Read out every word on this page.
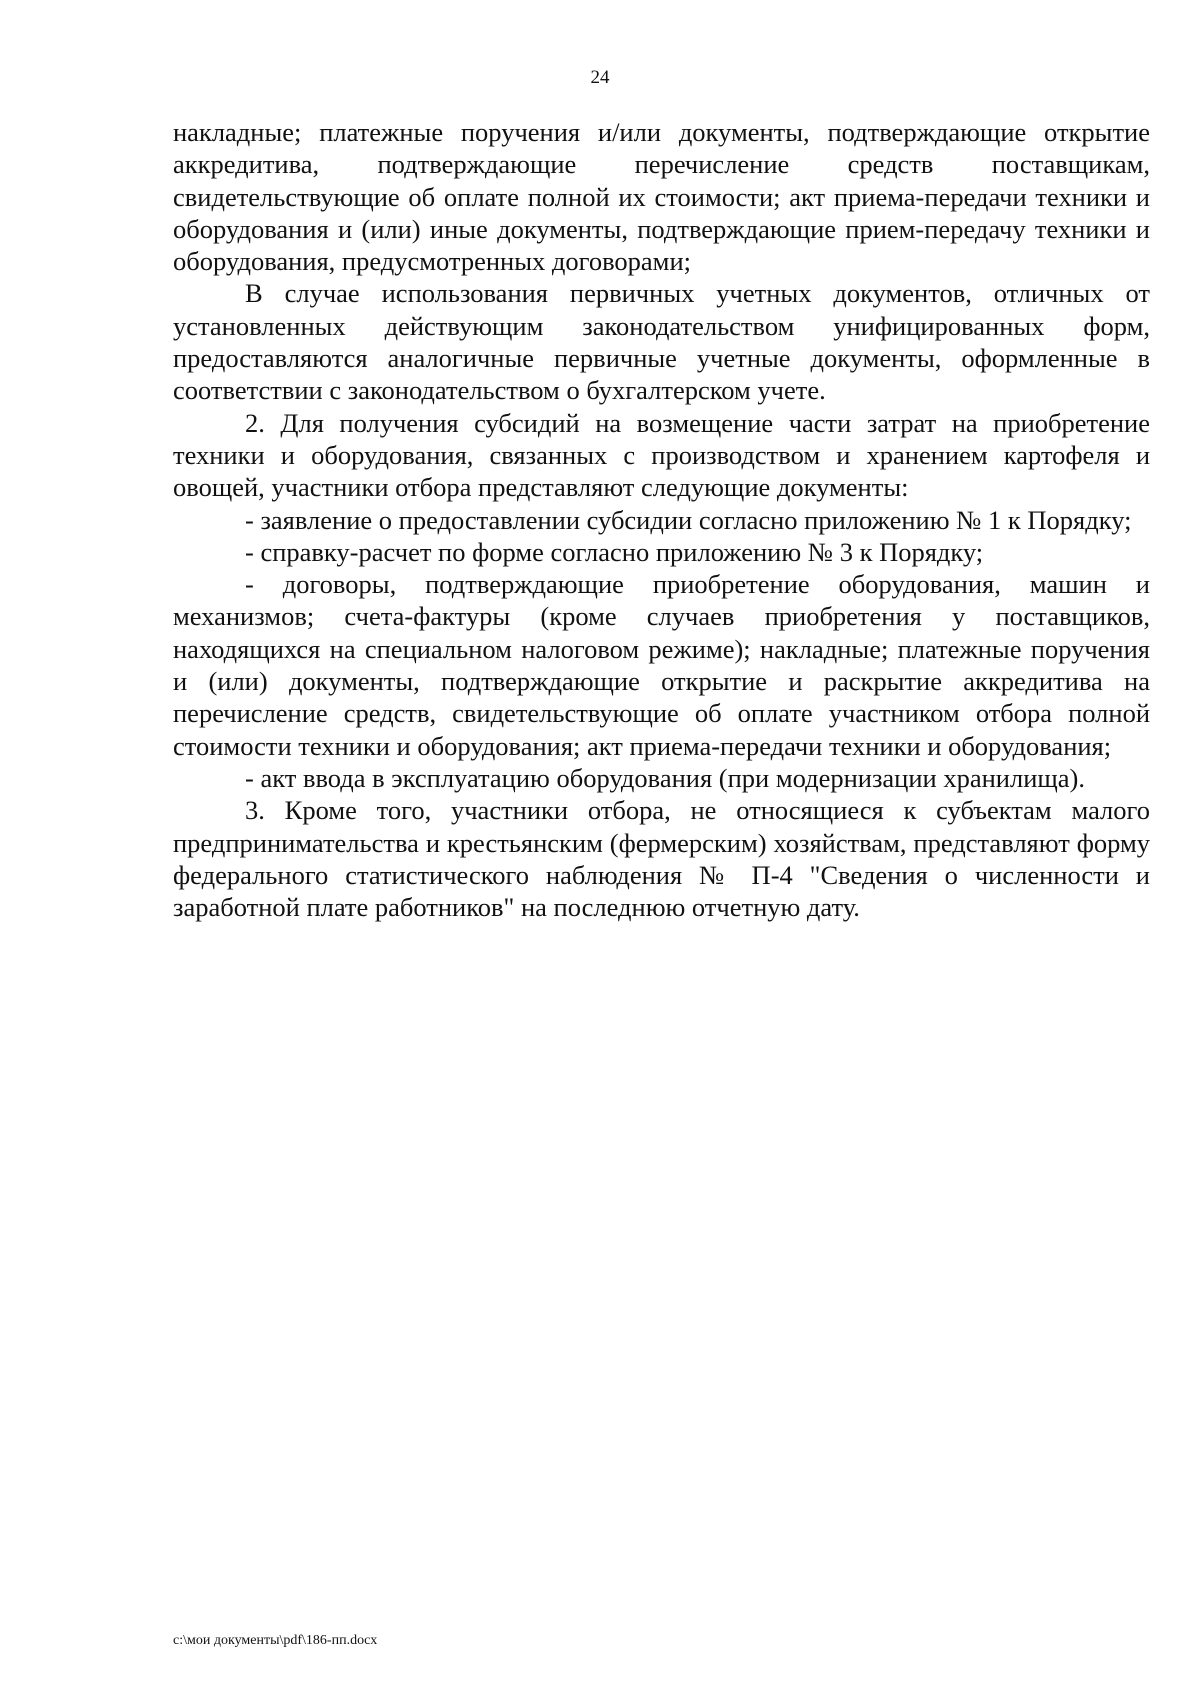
24

накладные; платежные поручения и/или документы, подтверждающие открытие аккредитива, подтверждающие перечисление средств поставщикам, свидетельствующие об оплате полной их стоимости; акт приема-передачи техники и оборудования и (или) иные документы, подтверждающие прием-передачу техники и оборудования, предусмотренных договорами;

В случае использования первичных учетных документов, отличных от установленных действующим законодательством унифицированных форм, предоставляются аналогичные первичные учетные документы, оформленные в соответствии с законодательством о бухгалтерском учете.

2. Для получения субсидий на возмещение части затрат на приобретение техники и оборудования, связанных с производством и хранением картофеля и овощей, участники отбора представляют следующие документы:

- заявление о предоставлении субсидии согласно приложению № 1 к Порядку;

- справку-расчет по форме согласно приложению № 3 к Порядку;

- договоры, подтверждающие приобретение оборудования, машин и механизмов; счета-фактуры (кроме случаев приобретения у поставщиков, находящихся на специальном налоговом режиме); накладные; платежные поручения и (или) документы, подтверждающие открытие и раскрытие аккредитива на перечисление средств, свидетельствующие об оплате участником отбора полной стоимости техники и оборудования; акт приема-передачи техники и оборудования;

- акт ввода в эксплуатацию оборудования (при модернизации хранилища).

3. Кроме того, участники отбора, не относящиеся к субъектам малого предпринимательства и крестьянским (фермерским) хозяйствам, представляют форму федерального статистического наблюдения № П-4 "Сведения о численности и заработной плате работников" на последнюю отчетную дату.

c:\мои документы\pdf\186-пп.docx
